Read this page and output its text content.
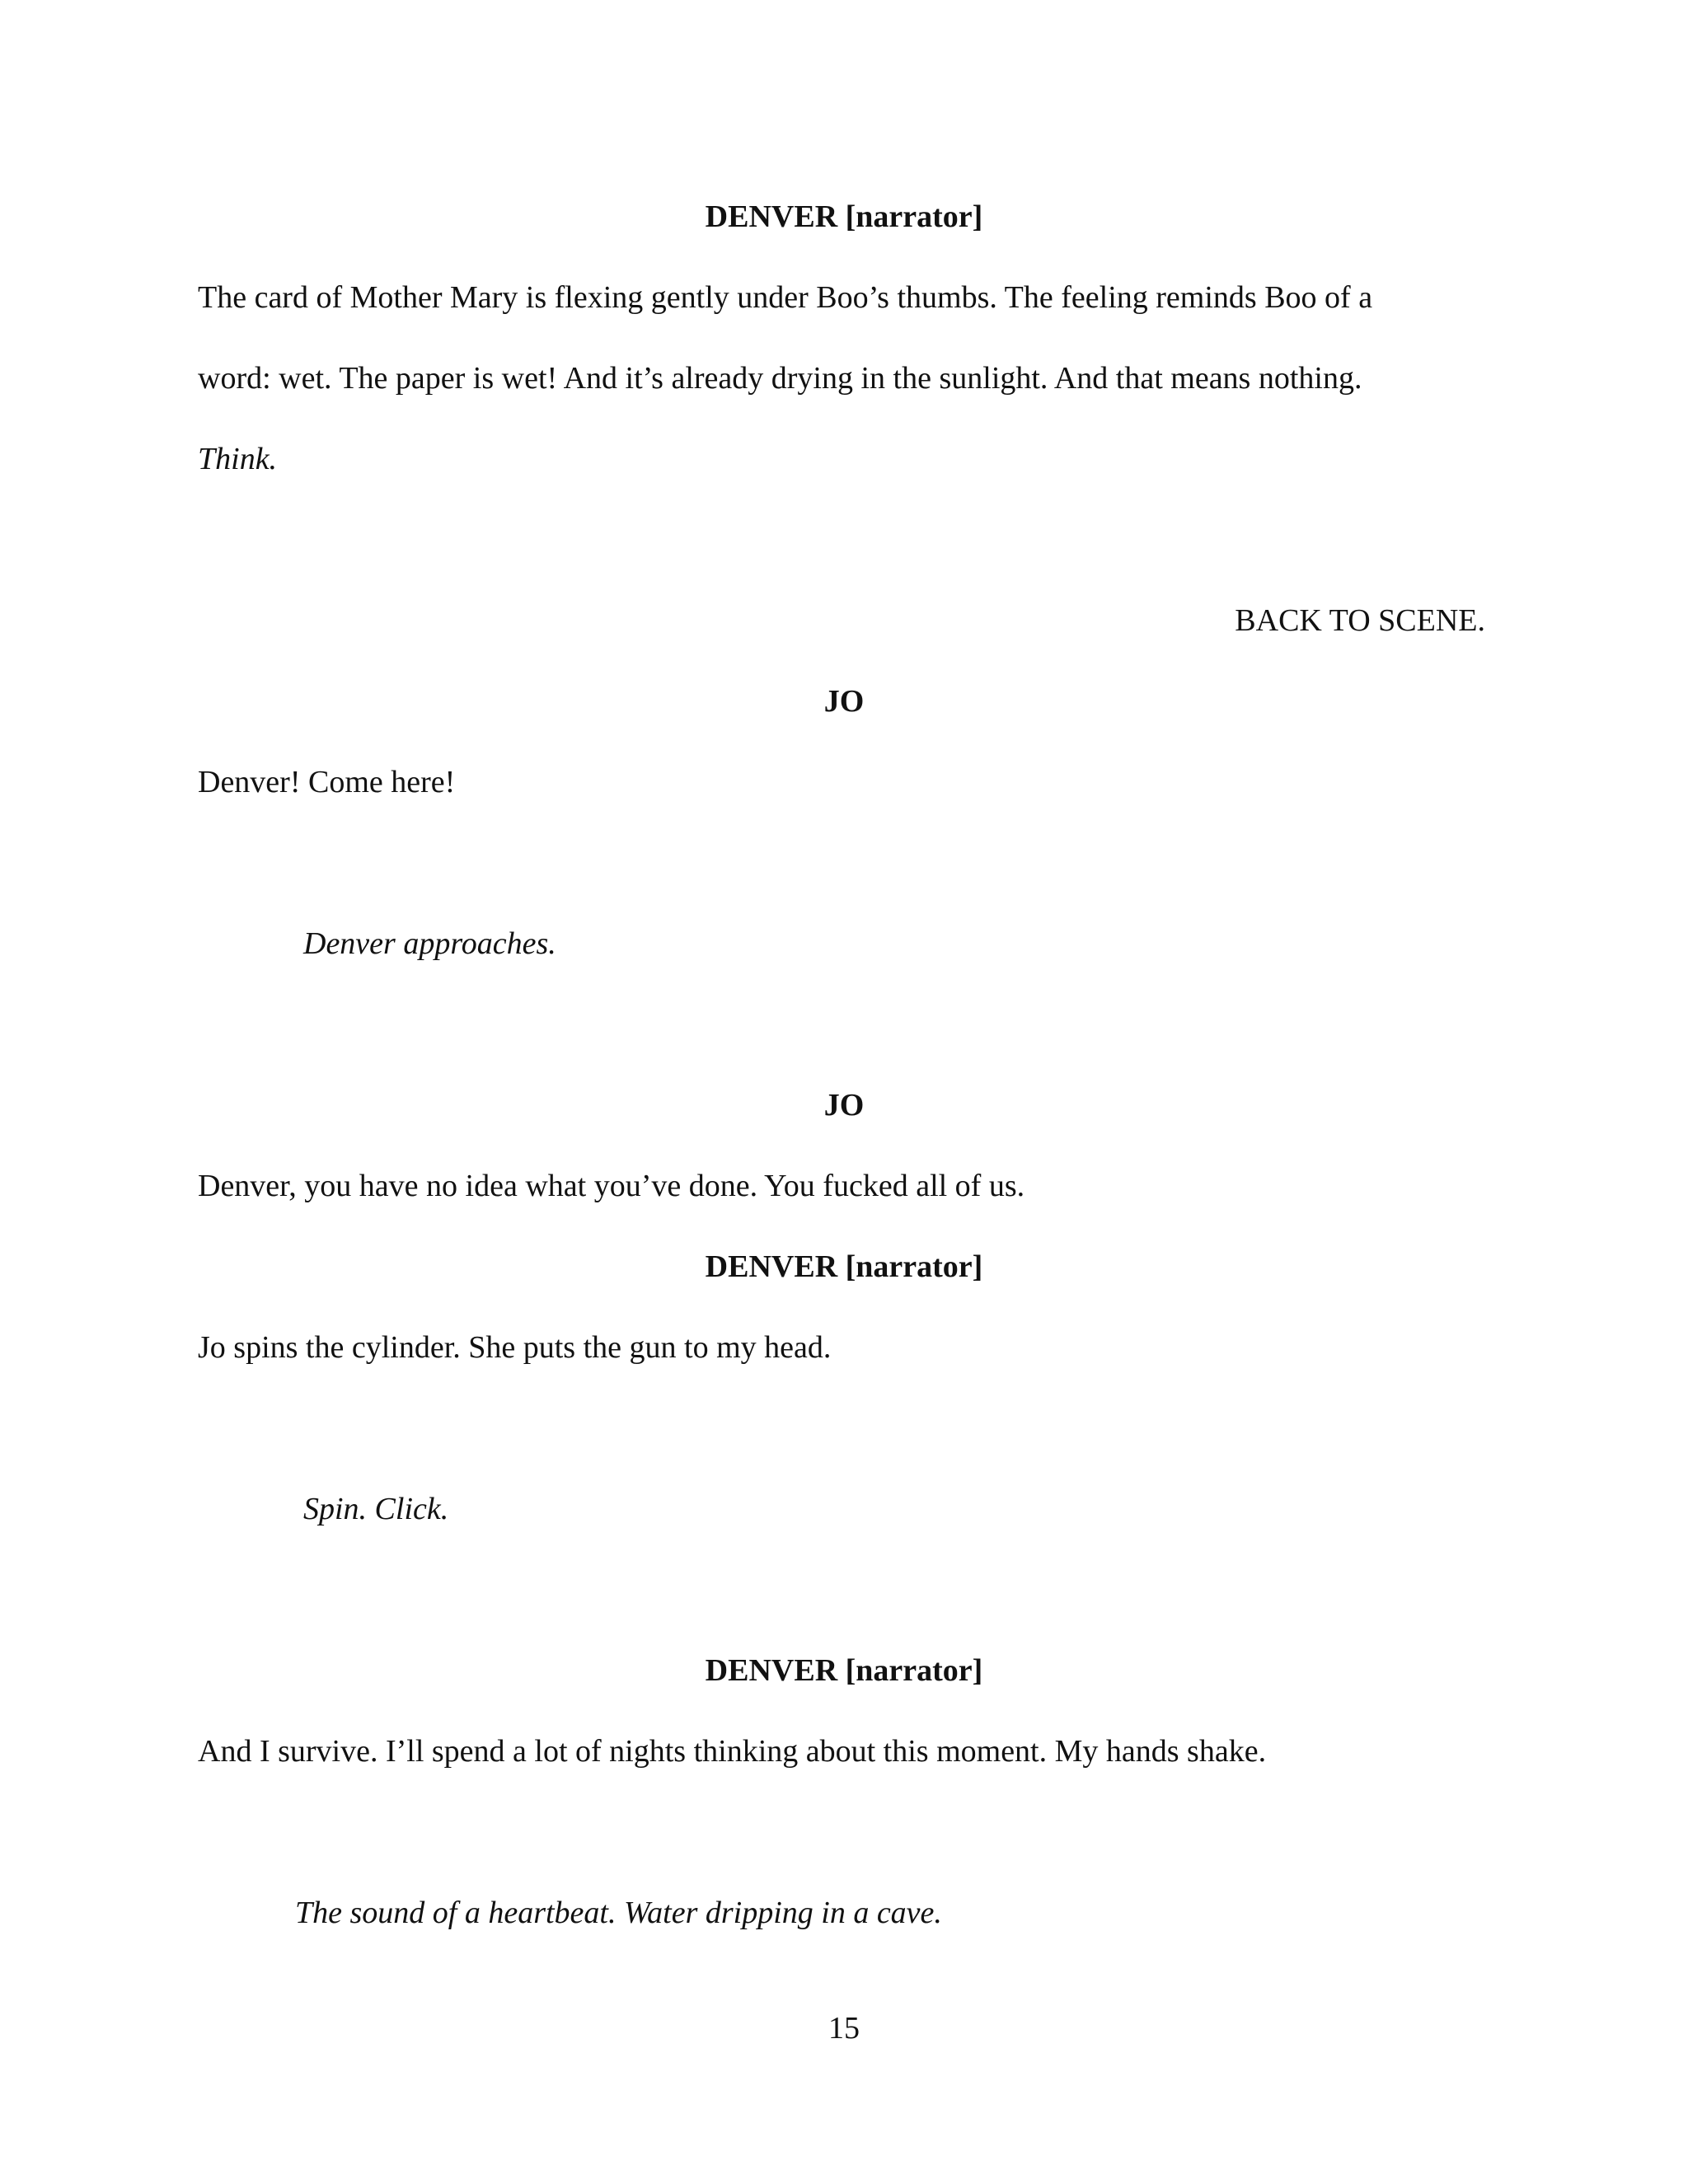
DENVER [narrator]
The card of Mother Mary is flexing gently under Boo’s thumbs. The feeling reminds Boo of a
word: wet. The paper is wet! And it’s already drying in the sunlight. And that means nothing.
Think.
BACK TO SCENE.
JO
Denver! Come here!
Denver approaches.
JO
Denver, you have no idea what you’ve done. You fucked all of us.
DENVER [narrator]
Jo spins the cylinder. She puts the gun to my head.
Spin. Click.
DENVER [narrator]
And I survive. I’ll spend a lot of nights thinking about this moment. My hands shake.
The sound of a heartbeat. Water dripping in a cave.
15
